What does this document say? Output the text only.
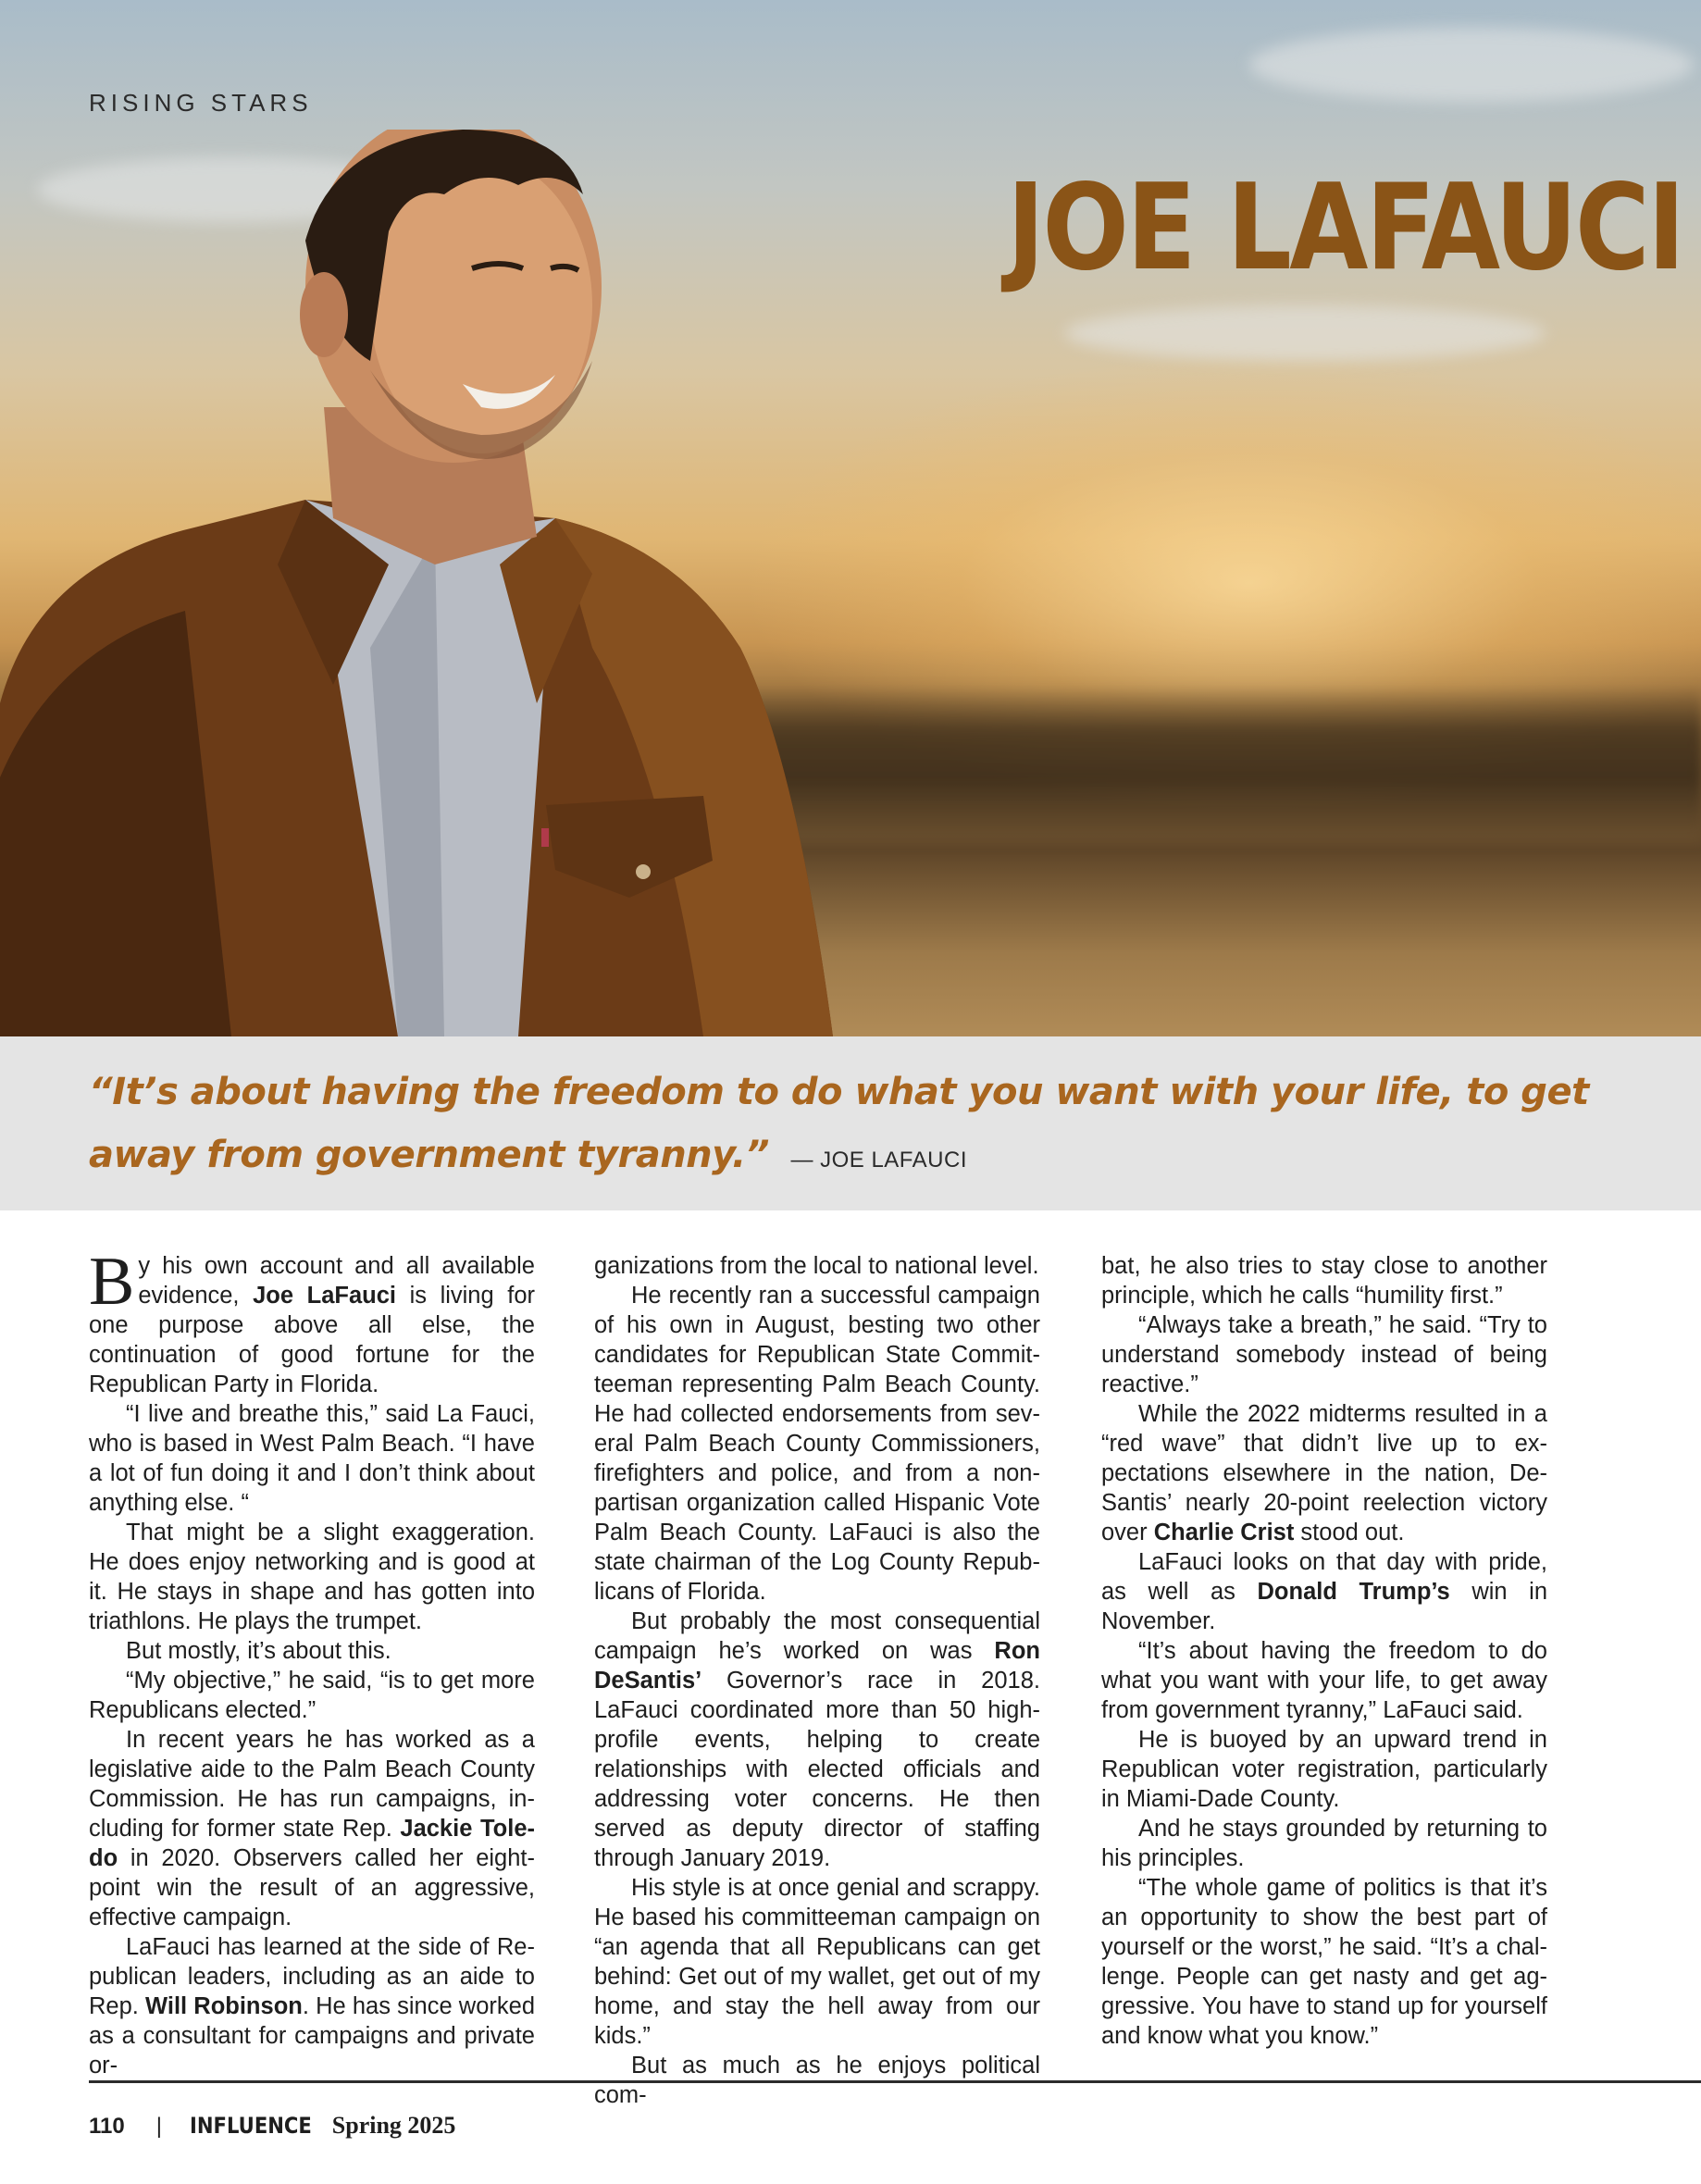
RISING STARS
JOE LAFAUCI
“It’s about having the freedom to do what you want with your life, to get away from government tyranny.” — JOE LAFAUCI

By his own account and all available evidence, Joe LaFauci is living for one purpose above all else, the continuation of good fortune for the Republican Party in Florida.

“I live and breathe this,” said La Fauci, who is based in West Palm Beach. “I have a lot of fun doing it and I don’t think about anything else. “

That might be a slight exaggeration. He does enjoy networking and is good at it. He stays in shape and has gotten into triathlons. He plays the trumpet.

But mostly, it’s about this.

“My objective,” he said, “is to get more Republicans elected.”

In recent years he has worked as a legislative aide to the Palm Beach County Commission. He has run campaigns, including for former state Rep. Jackie Toledo in 2020. Observers called her eight-point win the result of an aggressive, effective campaign.

LaFauci has learned at the side of Republican leaders, including as an aide to Rep. Will Robinson. He has since worked as a consultant for campaigns and private or-

ganizations from the local to national level.

He recently ran a successful campaign of his own in August, besting two other candidates for Republican State Committeeman representing Palm Beach County. He had collected endorsements from several Palm Beach County Commissioners, firefighters and police, and from a nonpartisan organization called Hispanic Vote Palm Beach County. LaFauci is also the state chairman of the Log County Republicans of Florida.

But probably the most consequential campaign he’s worked on was Ron DeSantis’ Governor’s race in 2018. LaFauci coordinated more than 50 high-profile events, helping to create relationships with elected officials and addressing voter concerns. He then served as deputy director of staffing through January 2019.

His style is at once genial and scrappy. He based his committeeman campaign on “an agenda that all Republicans can get behind: Get out of my wallet, get out of my home, and stay the hell away from our kids.”

But as much as he enjoys political com-

bat, he also tries to stay close to another principle, which he calls “humility first.”

“Always take a breath,” he said. “Try to understand somebody instead of being reactive.”

While the 2022 midterms resulted in a “red wave” that didn’t live up to expectations elsewhere in the nation, DeSantis’ nearly 20-point reelection victory over Charlie Crist stood out.

LaFauci looks on that day with pride, as well as Donald Trump’s win in November.

“It’s about having the freedom to do what you want with your life, to get away from government tyranny,” LaFauci said.

He is buoyed by an upward trend in Republican voter registration, particularly in Miami-Dade County.

And he stays grounded by returning to his principles.

“The whole game of politics is that it’s an opportunity to show the best part of yourself or the worst,” he said. “It’s a challenge. People can get nasty and get aggressive. You have to stand up for yourself and know what you know.”

110 | INFLUENCE Spring 2025
